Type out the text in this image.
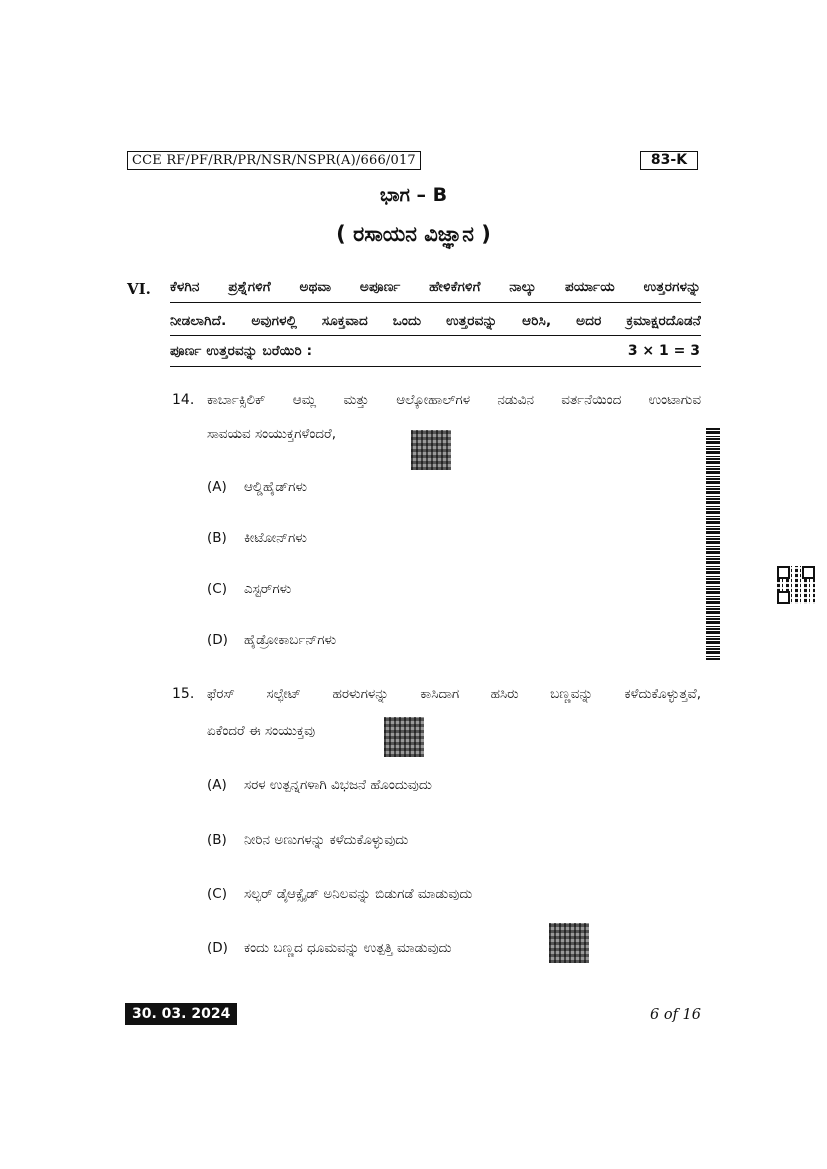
CCE RF/PF/RR/PR/NSR/NSPR(A)/666/017	83-K
ಭಾಗ – B
( ರಸಾಯನ ವಿಜ್ಞಾನ )
VI. ಕೆಳಗಿನ ಪ್ರಶ್ನೆಗಳಿಗೆ ಅಥವಾ ಅಪೂರ್ಣ ಹೇಳಿಕೆಗಳಿಗೆ ನಾಲ್ಕು ಪರ್ಯಾಯ ಉತ್ತರಗಳನ್ನು
ನೀಡಲಾಗಿದೆ. ಅವುಗಳಲ್ಲಿ ಸೂಕ್ತವಾದ ಒಂದು ಉತ್ತರವನ್ನು ಆರಿಸಿ, ಅದರ ಕ್ರಮಾಕ್ಷರದೊಡನೆ
ಪೂರ್ಣ ಉತ್ತರವನ್ನು ಬರೆಯಿರಿ :	3 × 1 = 3
14. ಕಾರ್ಬಾಕ್ಸಿಲಿಕ್ ಆಮ್ಲ ಮತ್ತು ಆಲ್ಕೋಹಾಲ್‌ಗಳ ನಡುವಿನ ವರ್ತನೆಯಿಂದ ಉಂಟಾಗುವ
ಸಾವಯವ ಸಂಯುಕ್ತಗಳೆಂದರೆ,
(A) ಆಲ್ಡಿಹೈಡ್‌ಗಳು
(B) ಕೀಟೋನ್‌ಗಳು
(C) ಎಸ್ಟರ್‌ಗಳು
(D) ಹೈಡ್ರೋಕಾರ್ಬನ್‌ಗಳು
15. ಫೆರಸ್ ಸಲ್ಫೇಟ್ ಹರಳುಗಳನ್ನು ಕಾಸಿದಾಗ ಹಸಿರು ಬಣ್ಣವನ್ನು ಕಳೆದುಕೊಳ್ಳುತ್ತವೆ,
ಏಕೆಂದರೆ ಈ ಸಂಯುಕ್ತವು
(A) ಸರಳ ಉತ್ಪನ್ನಗಳಾಗಿ ವಿಭಜನೆ ಹೊಂದುವುದು
(B) ನೀರಿನ ಅಣುಗಳನ್ನು ಕಳೆದುಕೊಳ್ಳುವುದು
(C) ಸಲ್ಫರ್ ಡೈಆಕ್ಸೈಡ್ ಅನಿಲವನ್ನು ಬಿಡುಗಡೆ ಮಾಡುವುದು
(D) ಕಂದು ಬಣ್ಣದ ಧೂಮವನ್ನು ಉತ್ಪತ್ತಿ ಮಾಡುವುದು
30. 03. 2024	6 of 16
